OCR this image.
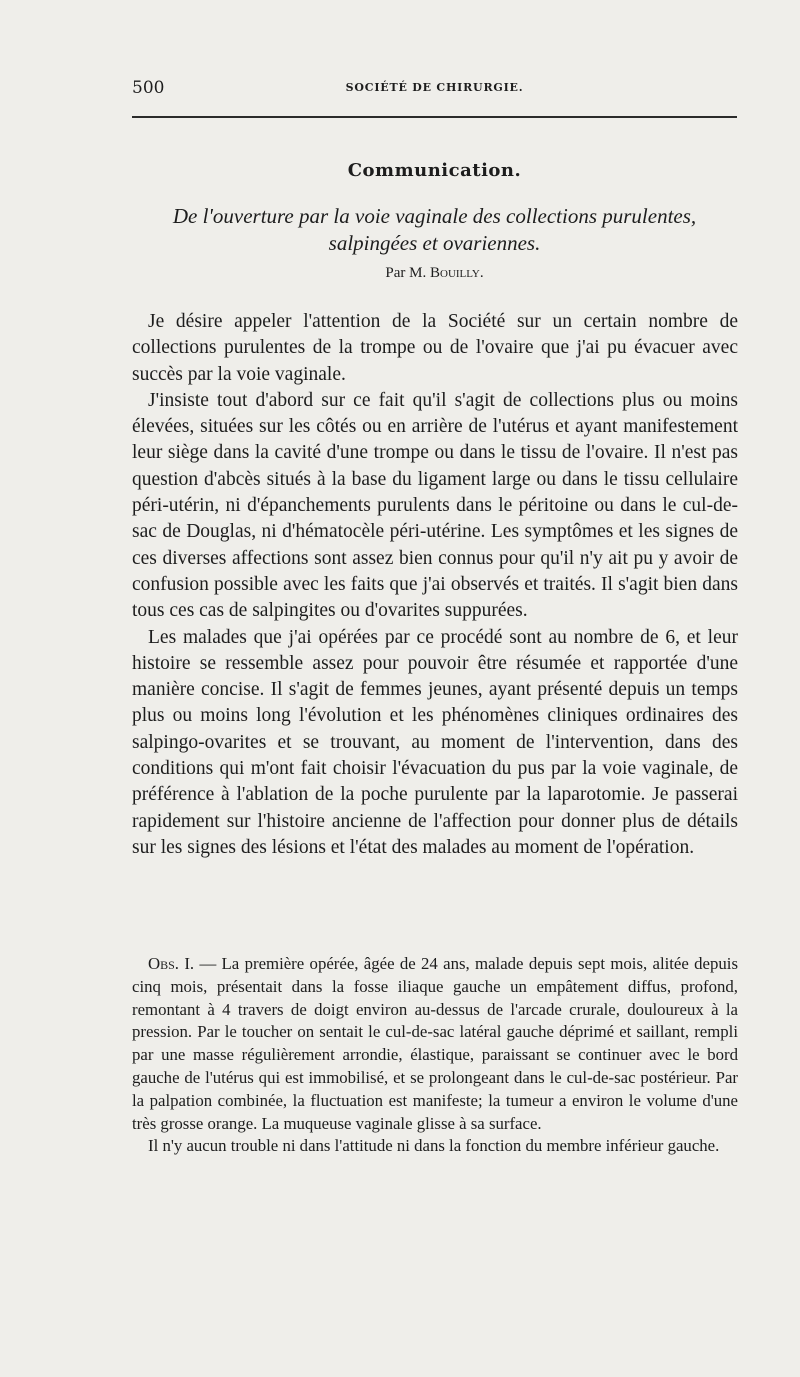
500	SOCIÉTÉ DE CHIRURGIE.
Communication.
De l'ouverture par la voie vaginale des collections purulentes,
salpingées et ovariennes.
Par M. Bouilly.

Je désire appeler l'attention de la Société sur un certain nombre de collections purulentes de la trompe ou de l'ovaire que j'ai pu évacuer avec succès par la voie vaginale.

J'insiste tout d'abord sur ce fait qu'il s'agit de collections plus ou moins élevées, situées sur les côtés ou en arrière de l'utérus et ayant manifestement leur siège dans la cavité d'une trompe ou dans le tissu de l'ovaire. Il n'est pas question d'abcès situés à la base du ligament large ou dans le tissu cellulaire péri-utérin, ni d'épanchements purulents dans le péritoine ou dans le cul-de-sac de Douglas, ni d'hématocèle péri-utérine. Les symptômes et les signes de ces diverses affections sont assez bien connus pour qu'il n'y ait pu y avoir de confusion possible avec les faits que j'ai observés et traités. Il s'agit bien dans tous ces cas de salpingites ou d'ovarites suppurées.

Les malades que j'ai opérées par ce procédé sont au nombre de 6, et leur histoire se ressemble assez pour pouvoir être résumée et rapportée d'une manière concise. Il s'agit de femmes jeunes, ayant présenté depuis un temps plus ou moins long l'évolution et les phénomènes cliniques ordinaires des salpingo-ovarites et se trouvant, au moment de l'intervention, dans des conditions qui m'ont fait choisir l'évacuation du pus par la voie vaginale, de préférence à l'ablation de la poche purulente par la laparotomie. Je passerai rapidement sur l'histoire ancienne de l'affection pour donner plus de détails sur les signes des lésions et l'état des malades au moment de l'opération.

Obs. I. — La première opérée, âgée de 24 ans, malade depuis sept mois, alitée depuis cinq mois, présentait dans la fosse iliaque gauche un empâtement diffus, profond, remontant à 4 travers de doigt environ au-dessus de l'arcade crurale, douloureux à la pression. Par le toucher on sentait le cul-de-sac latéral gauche déprimé et saillant, rempli par une masse régulièrement arrondie, élastique, paraissant se continuer avec le bord gauche de l'utérus qui est immobilisé, et se prolongeant dans le cul-de-sac postérieur. Par la palpation combinée, la fluctuation est manifeste; la tumeur a environ le volume d'une très grosse orange. La muqueuse vaginale glisse à sa surface.

Il n'y aucun trouble ni dans l'attitude ni dans la fonction du membre inférieur gauche.
